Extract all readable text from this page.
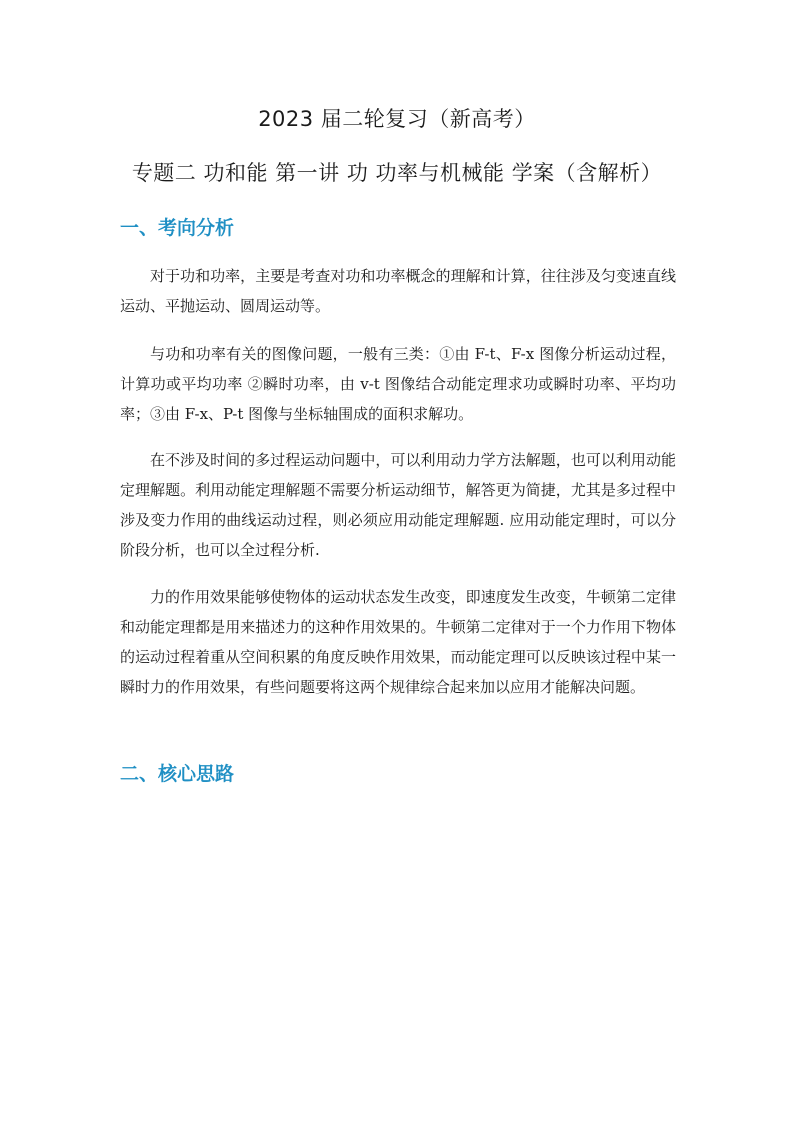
2023 届二轮复习（新高考）
专题二 功和能 第一讲 功 功率与机械能 学案（含解析）
一、考向分析
对于功和功率，主要是考查对功和功率概念的理解和计算，往往涉及匀变速直线运动、平抛运动、圆周运动等。
与功和功率有关的图像问题，一般有三类：①由 F-t、F-x 图像分析运动过程，计算功或平均功率 ②瞬时功率，由 v-t 图像结合动能定理求功或瞬时功率、平均功率；③由 F-x、P-t 图像与坐标轴围成的面积求解功。
在不涉及时间的多过程运动问题中，可以利用动力学方法解题，也可以利用动能定理解题。利用动能定理解题不需要分析运动细节，解答更为简捷，尤其是多过程中涉及变力作用的曲线运动过程，则必须应用动能定理解题. 应用动能定理时，可以分阶段分析，也可以全过程分析.
力的作用效果能够使物体的运动状态发生改变，即速度发生改变，牛顿第二定律和动能定理都是用来描述力的这种作用效果的。牛顿第二定律对于一个力作用下物体的运动过程着重从空间积累的角度反映作用效果，而动能定理可以反映该过程中某一瞬时力的作用效果，有些问题要将这两个规律综合起来加以应用才能解决问题。
二、核心思路
